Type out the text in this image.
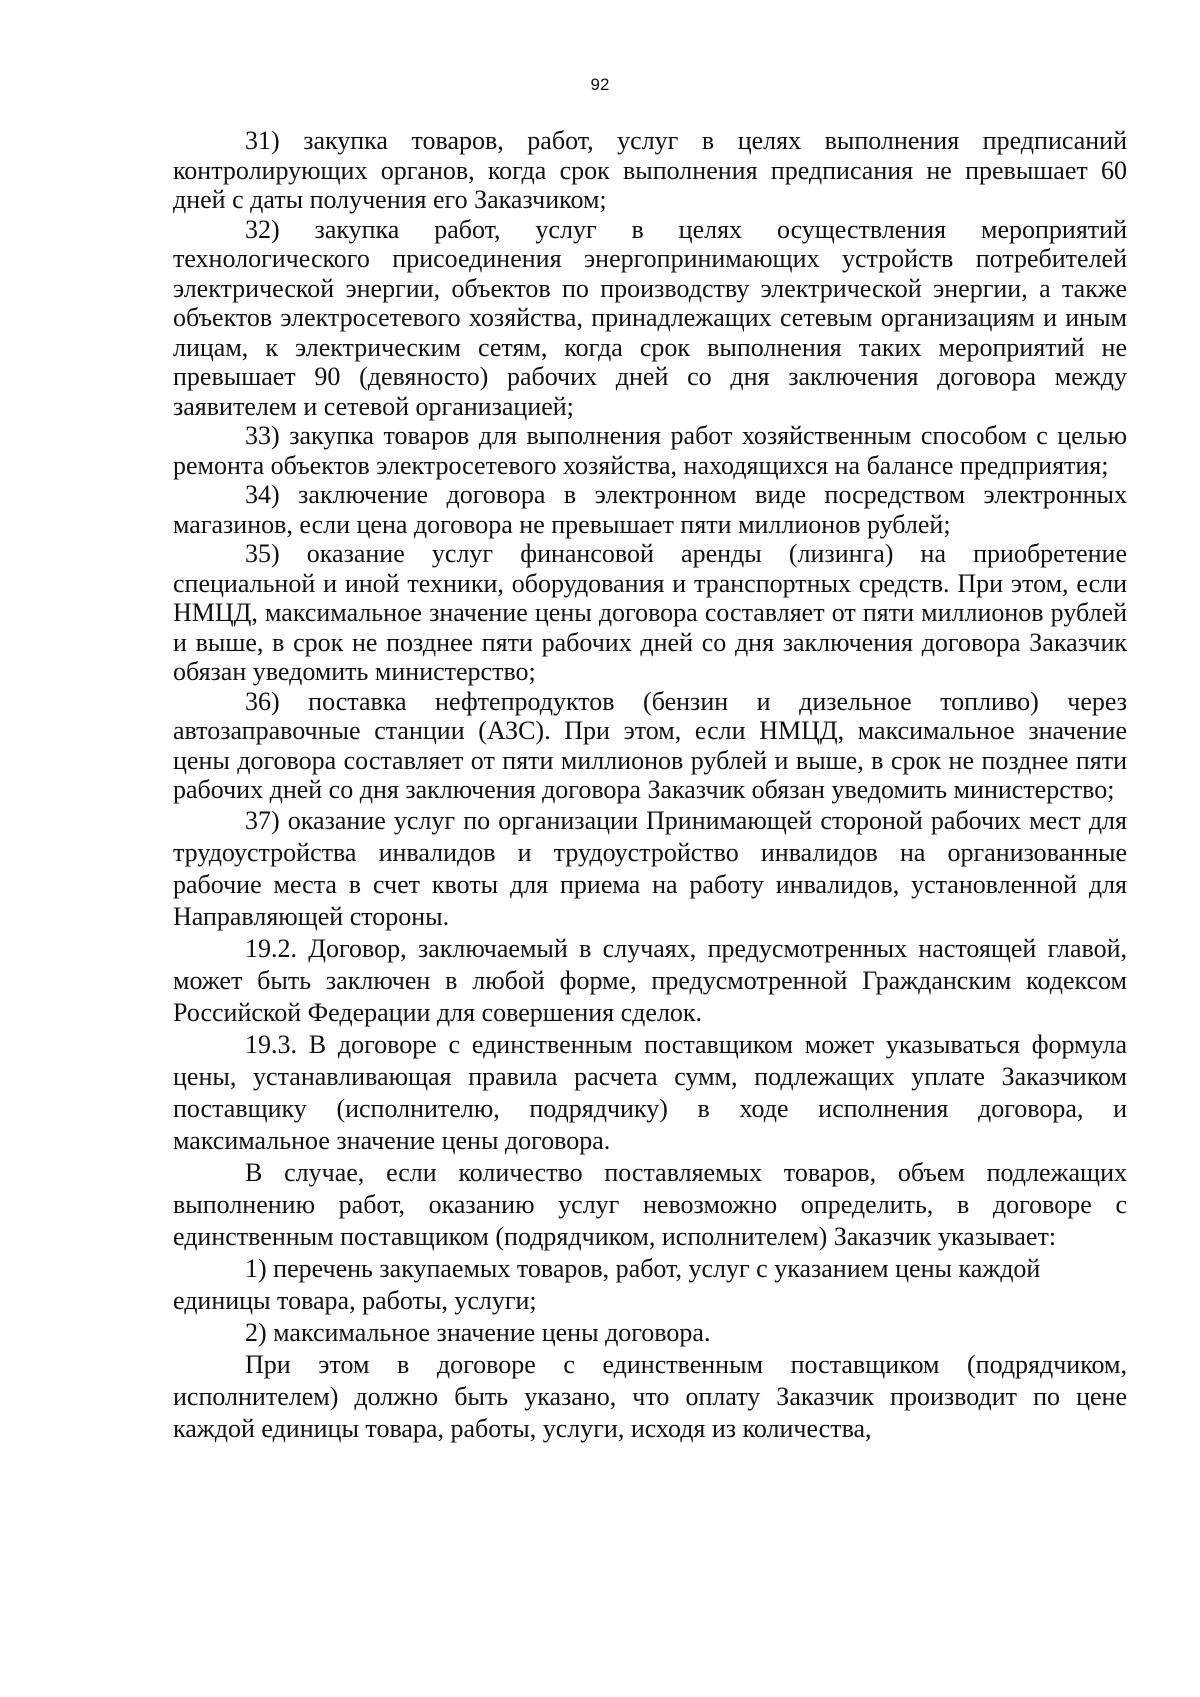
92

31) закупка товаров, работ, услуг в целях выполнения предписаний контролирующих органов, когда срок выполнения предписания не превышает 60 дней с даты получения его Заказчиком;

32) закупка работ, услуг в целях осуществления мероприятий технологического присоединения энергопринимающих устройств потребителей электрической энергии, объектов по производству электрической энергии, а также объектов электросетевого хозяйства, принадлежащих сетевым организациям и иным лицам, к электрическим сетям, когда срок выполнения таких мероприятий не превышает 90 (девяносто) рабочих дней со дня заключения договора между заявителем и сетевой организацией;

33) закупка товаров для выполнения работ хозяйственным способом с целью ремонта объектов электросетевого хозяйства, находящихся на балансе предприятия;

34) заключение договора в электронном виде посредством электронных магазинов, если цена договора не превышает пяти миллионов рублей;

35) оказание услуг финансовой аренды (лизинга) на приобретение специальной и иной техники, оборудования и транспортных средств. При этом, если НМЦД, максимальное значение цены договора составляет от пяти миллионов рублей и выше, в срок не позднее пяти рабочих дней со дня заключения договора Заказчик обязан уведомить министерство;

36) поставка нефтепродуктов (бензин и дизельное топливо) через автозаправочные станции (АЗС). При этом, если НМЦД, максимальное значение цены договора составляет от пяти миллионов рублей и выше, в срок не позднее пяти рабочих дней со дня заключения договора Заказчик обязан уведомить министерство;

37) оказание услуг по организации Принимающей стороной рабочих мест для трудоустройства инвалидов и трудоустройство инвалидов на организованные рабочие места в счет квоты для приема на работу инвалидов, установленной для Направляющей стороны.

19.2. Договор, заключаемый в случаях, предусмотренных настоящей главой, может быть заключен в любой форме, предусмотренной Гражданским кодексом Российской Федерации для совершения сделок.

19.3. В договоре с единственным поставщиком может указываться формула цены, устанавливающая правила расчета сумм, подлежащих уплате Заказчиком поставщику (исполнителю, подрядчику) в ходе исполнения договора, и максимальное значение цены договора.

В случае, если количество поставляемых товаров, объем подлежащих выполнению работ, оказанию услуг невозможно определить, в договоре с единственным поставщиком (подрядчиком, исполнителем) Заказчик указывает:

1) перечень закупаемых товаров, работ, услуг с указанием цены каждой единицы товара, работы, услуги;

2) максимальное значение цены договора.

При этом в договоре с единственным поставщиком (подрядчиком, исполнителем) должно быть указано, что оплату Заказчик производит по цене каждой единицы товара, работы, услуги, исходя из количества,
